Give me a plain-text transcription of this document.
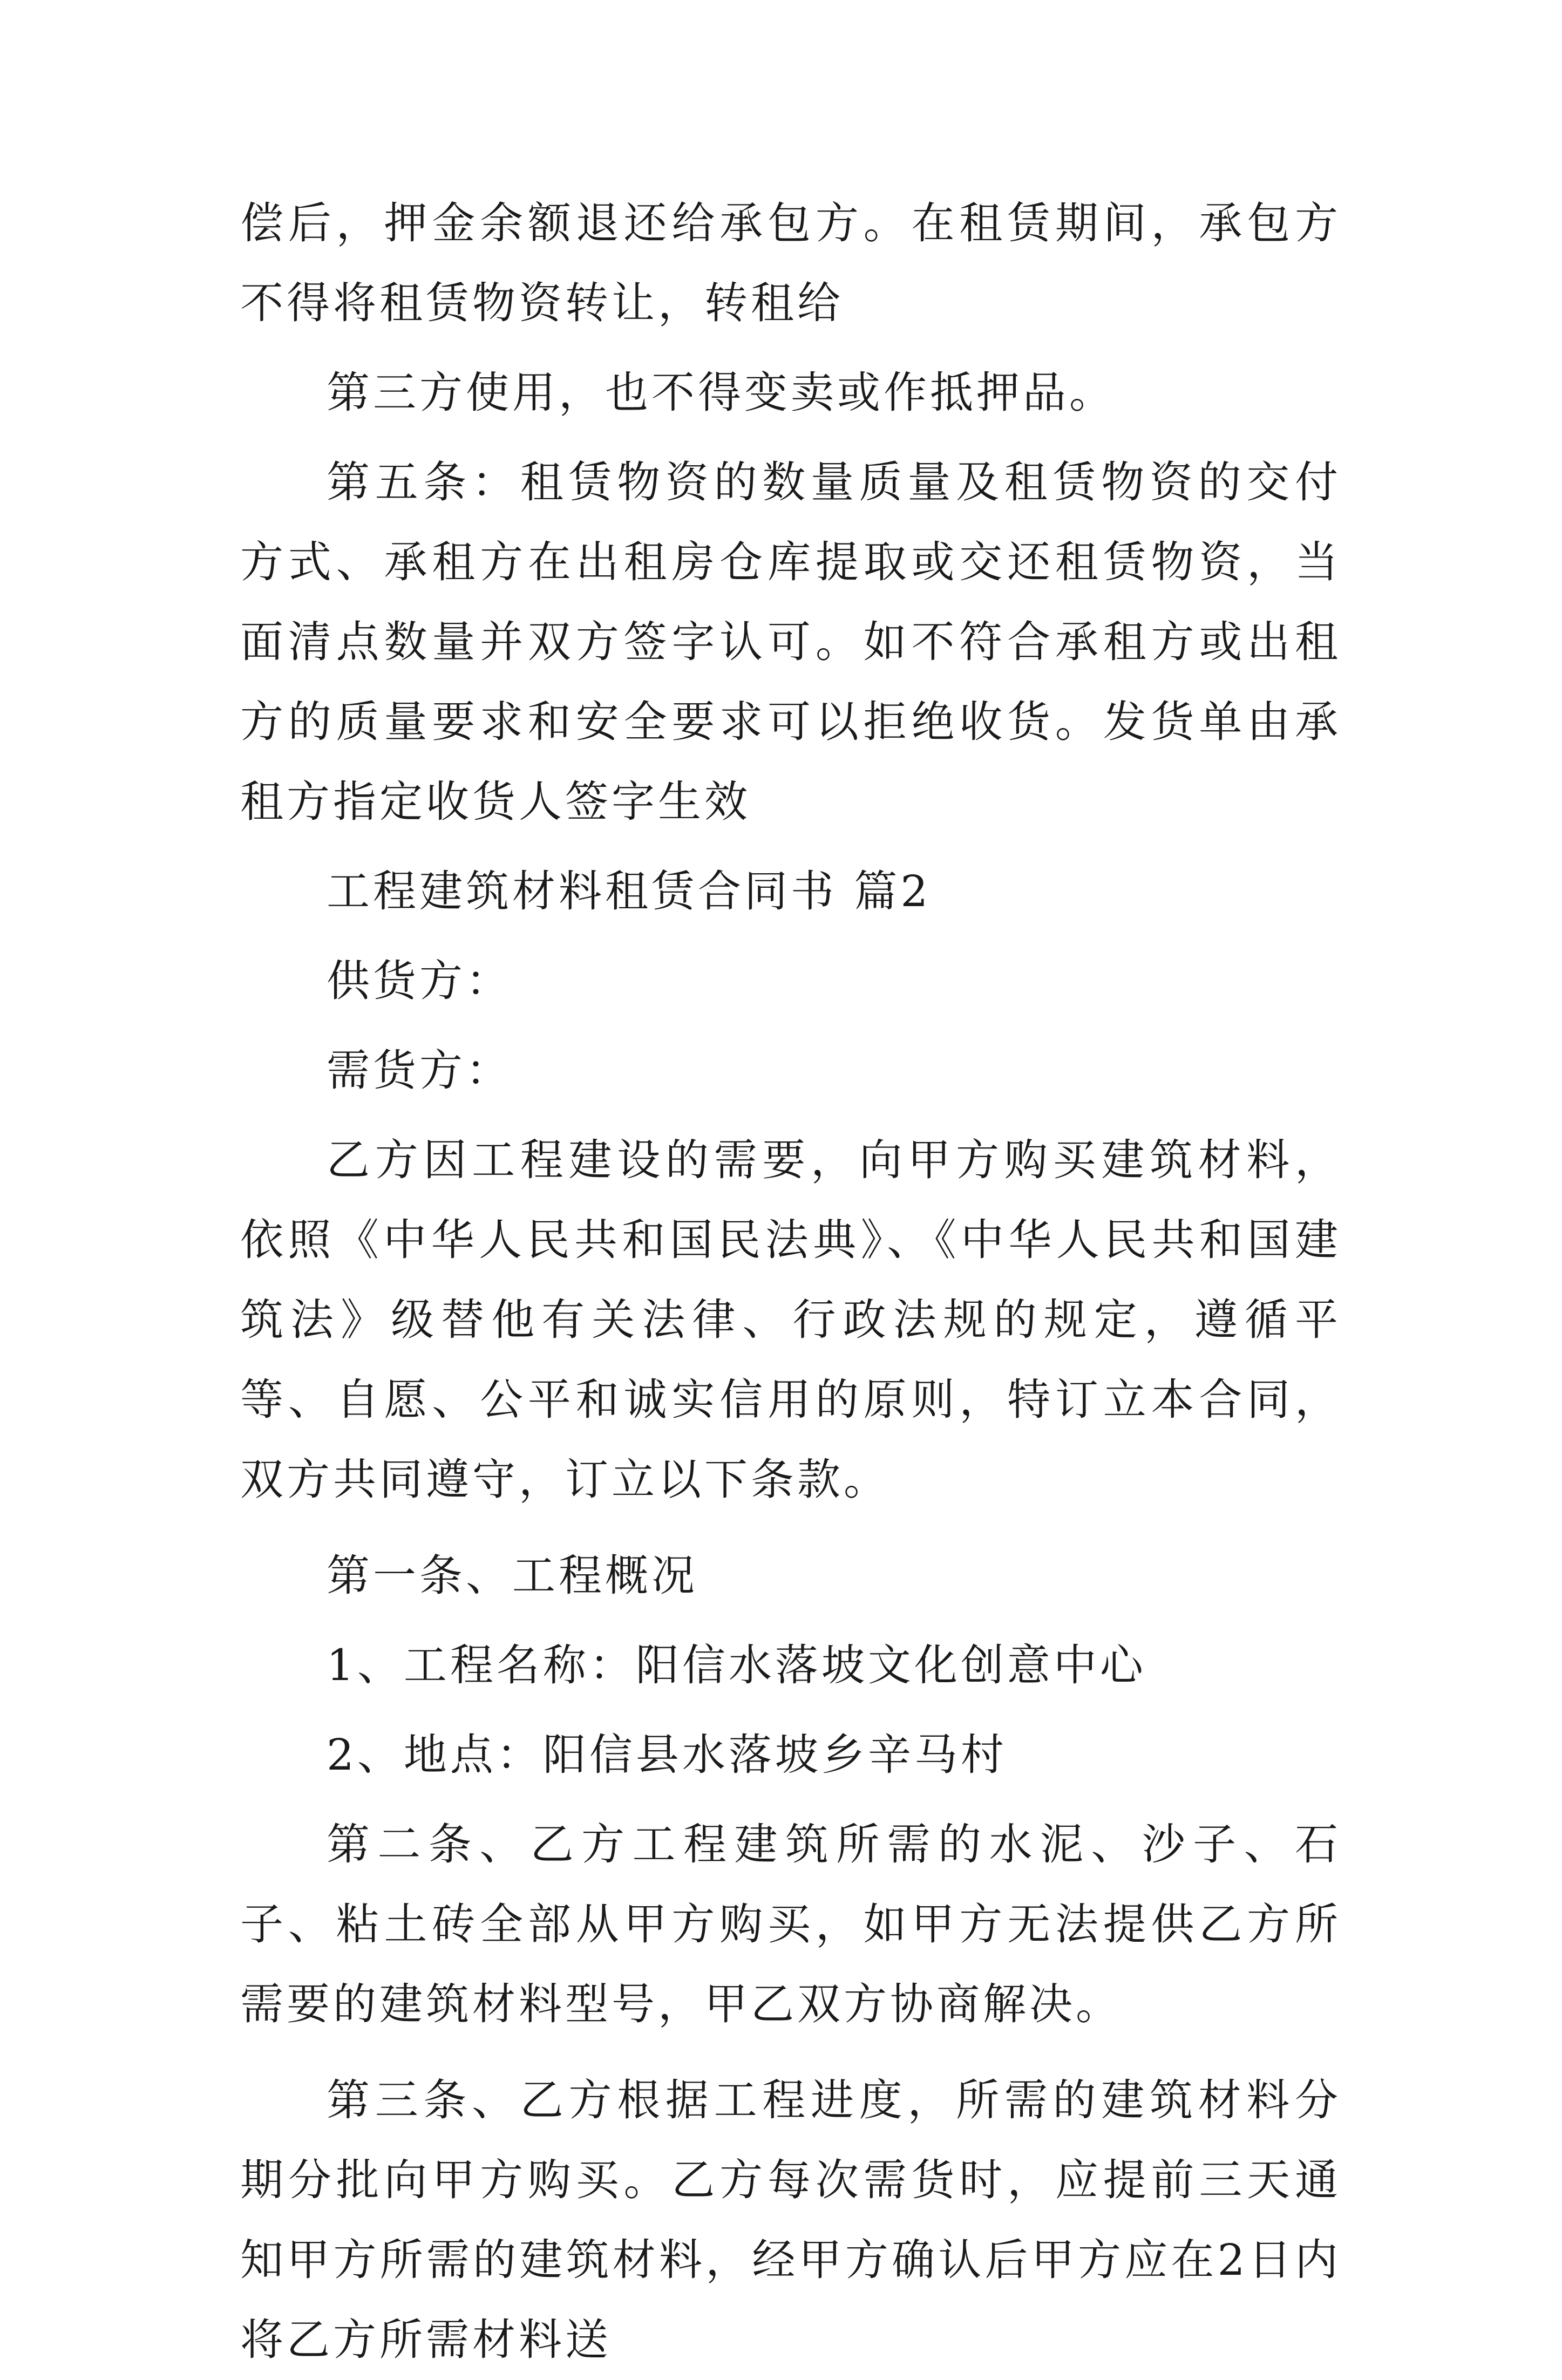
偿后，押金余额退还给承包方。在租赁期间，承包方不得将租赁物资转让，转租给

第三方使用，也不得变卖或作抵押品。

第五条：租赁物资的数量质量及租赁物资的交付方式、承租方在出租房仓库提取或交还租赁物资，当面清点数量并双方签字认可。如不符合承租方或出租方的质量要求和安全要求可以拒绝收货。发货单由承租方指定收货人签字生效

工程建筑材料租赁合同书 篇2

供货方：

需货方：

乙方因工程建设的需要，向甲方购买建筑材料，依照《中华人民共和国民法典》、《中华人民共和国建筑法》级替他有关法律、行政法规的规定，遵循平等、自愿、公平和诚实信用的原则，特订立本合同，双方共同遵守，订立以下条款。

第一条、工程概况

1、工程名称：阳信水落坡文化创意中心

2、地点：阳信县水落坡乡辛马村

第二条、乙方工程建筑所需的水泥、沙子、石子、粘土砖全部从甲方购买，如甲方无法提供乙方所需要的建筑材料型号，甲乙双方协商解决。

第三条、乙方根据工程进度，所需的建筑材料分期分批向甲方购买。乙方每次需货时，应提前三天通知甲方所需的建筑材料，经甲方确认后甲方应在2日内将乙方所需材料送
